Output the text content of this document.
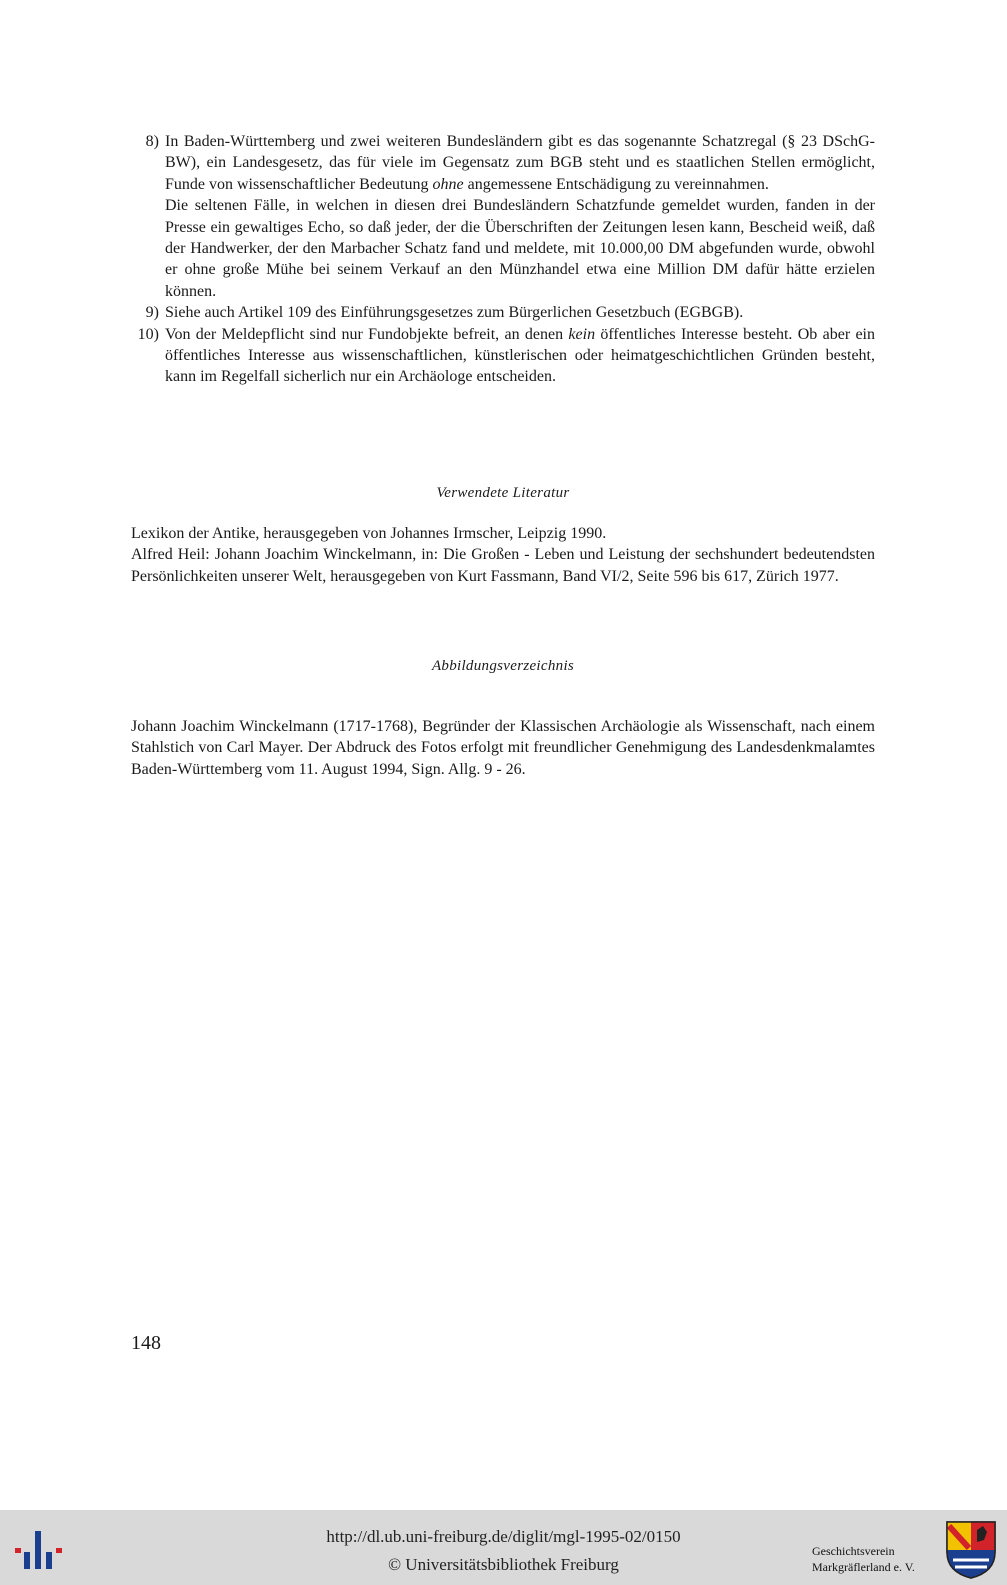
8) In Baden-Württemberg und zwei weiteren Bundesländern gibt es das sogenannte Schatzregal (§ 23 DSchG-BW), ein Landesgesetz, das für viele im Gegensatz zum BGB steht und es staatlichen Stellen ermöglicht, Funde von wissenschaftlicher Bedeutung ohne angemessene Entschädigung zu vereinnahmen.

Die seltenen Fälle, in welchen in diesen drei Bundesländern Schatzfunde gemeldet wurden, fanden in der Presse ein gewaltiges Echo, so daß jeder, der die Überschriften der Zeitungen lesen kann, Bescheid weiß, daß der Handwerker, der den Marbacher Schatz fand und meldete, mit 10.000,00 DM abgefunden wurde, obwohl er ohne große Mühe bei seinem Verkauf an den Münzhandel etwa eine Million DM dafür hätte erzielen können.

9) Siehe auch Artikel 109 des Einführungsgesetzes zum Bürgerlichen Gesetzbuch (EGBGB).

10) Von der Meldepflicht sind nur Fundobjekte befreit, an denen kein öffentliches Interesse besteht. Ob aber ein öffentliches Interesse aus wissenschaftlichen, künstlerischen oder heimatgeschichtlichen Gründen besteht, kann im Regelfall sicherlich nur ein Archäologe entscheiden.

Verwendete Literatur

Lexikon der Antike, herausgegeben von Johannes Irmscher, Leipzig 1990.

Alfred Heil: Johann Joachim Winckelmann, in: Die Großen - Leben und Leistung der sechshundert bedeutendsten Persönlichkeiten unserer Welt, herausgegeben von Kurt Fassmann, Band VI/2, Seite 596 bis 617, Zürich 1977.

Abbildungsverzeichnis

Johann Joachim Winckelmann (1717-1768), Begründer der Klassischen Archäologie als Wissenschaft, nach einem Stahlstich von Carl Mayer. Der Abdruck des Fotos erfolgt mit freundlicher Genehmigung des Landesdenkmalamtes Baden-Württemberg vom 11. August 1994, Sign. Allg. 9 - 26.

148
http://dl.ub.uni-freiburg.de/diglit/mgl-1995-02/0150
© Universitätsbibliothek Freiburg
Geschichtsverein
Markgräflerland e. V.
